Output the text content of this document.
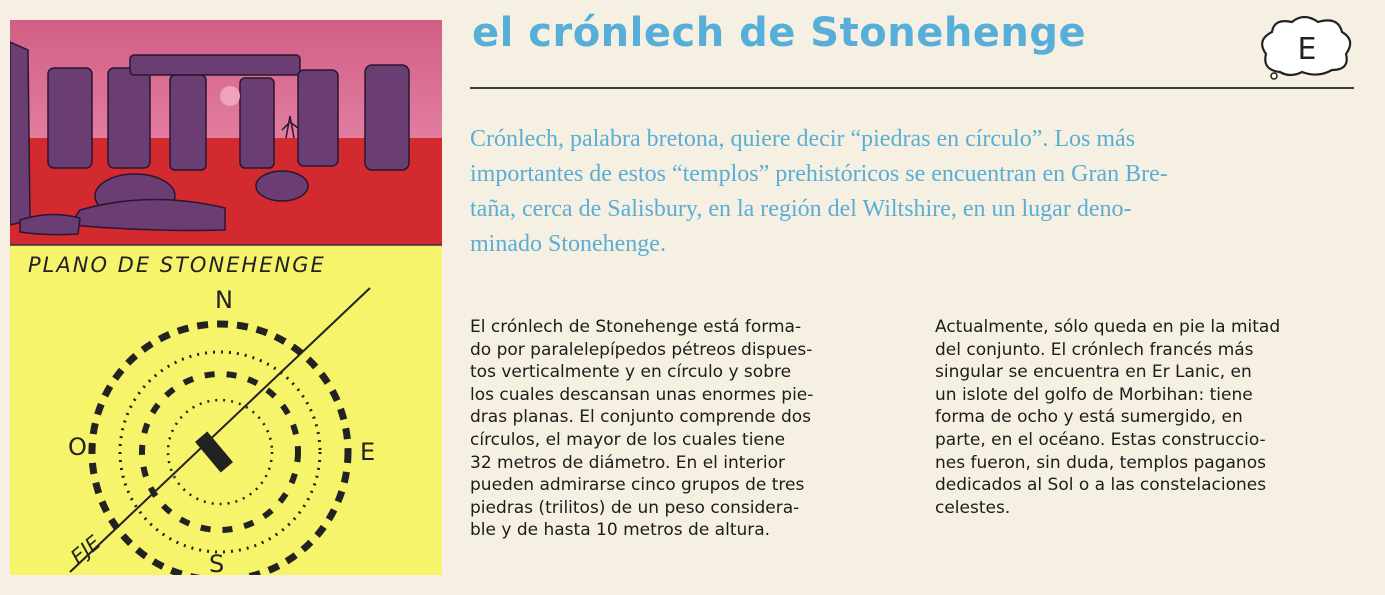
PLANO DE STONEHENGE
N
O	E
S
EJE
el crónlech de Stonehenge	E
Crónlech, palabra bretona, quiere decir “piedras en círculo”. Los más
importantes de estos “templos” prehistóricos se encuentran en Gran Bre-
taña, cerca de Salisbury, en la región del Wiltshire, en un lugar deno-
minado Stonehenge.
El crónlech de Stonehenge está forma-
do por paralelepípedos pétreos dispues-
tos verticalmente y en círculo y sobre
los cuales descansan unas enormes pie-
dras planas. El conjunto comprende dos
círculos, el mayor de los cuales tiene
32 metros de diámetro. En el interior
pueden admirarse cinco grupos de tres
piedras (trilitos) de un peso considera-
ble y de hasta 10 metros de altura.
Actualmente, sólo queda en pie la mitad
del conjunto. El crónlech francés más
singular se encuentra en Er Lanic, en
un islote del golfo de Morbihan: tiene
forma de ocho y está sumergido, en
parte, en el océano. Estas construccio-
nes fueron, sin duda, templos paganos
dedicados al Sol o a las constelaciones
celestes.
